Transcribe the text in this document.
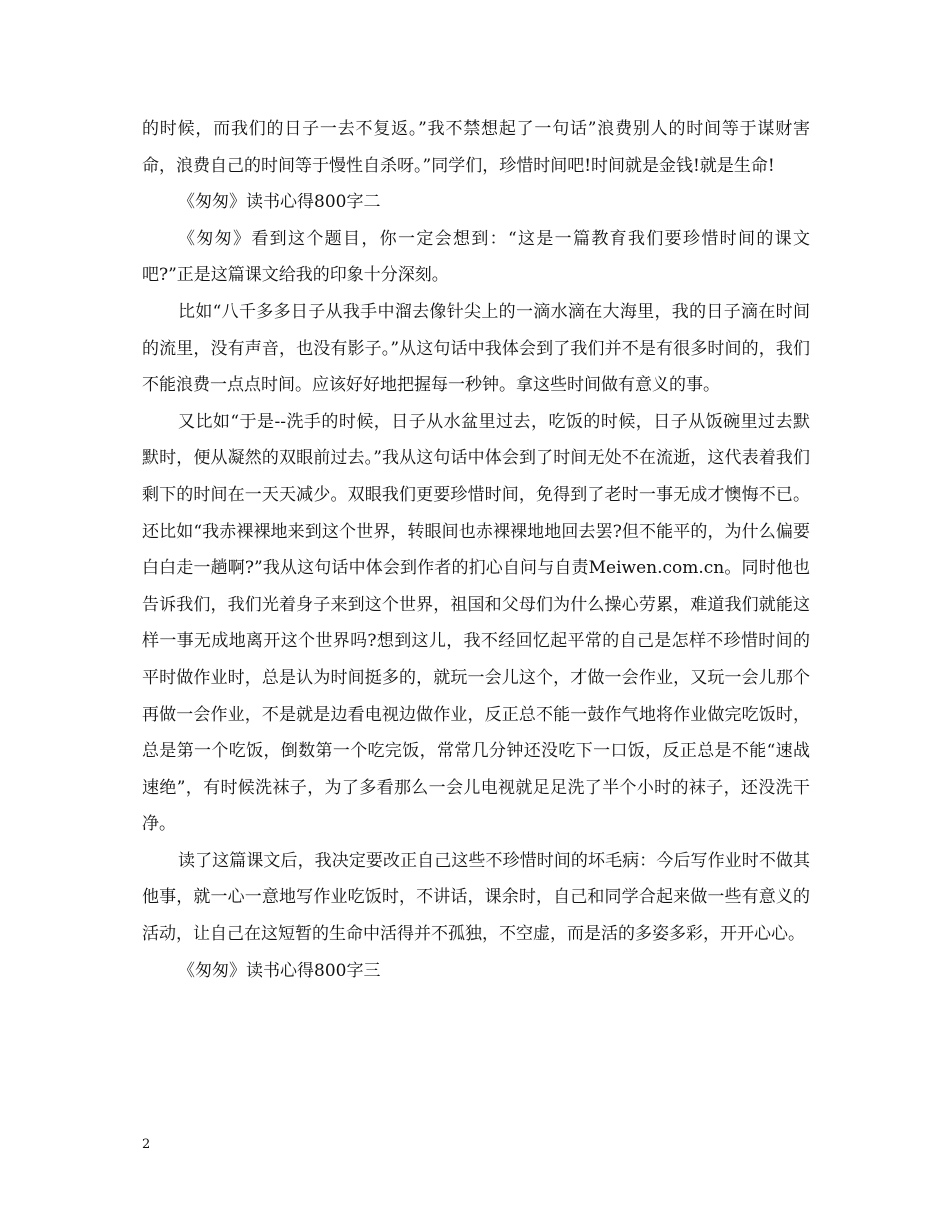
的时候，而我们的日子一去不复返。”我不禁想起了一句话”浪费别人的时间等于谋财害命，浪费自己的时间等于慢性自杀呀。”同学们，珍惜时间吧!时间就是金钱!就是生命!

《匆匆》读书心得800字二

《匆匆》看到这个题目，你一定会想到：“这是一篇教育我们要珍惜时间的课文吧?”正是这篇课文给我的印象十分深刻。

比如“八千多多日子从我手中溜去像针尖上的一滴水滴在大海里，我的日子滴在时间的流里，没有声音，也没有影子。”从这句话中我体会到了我们并不是有很多时间的，我们不能浪费一点点时间。应该好好地把握每一秒钟。拿这些时间做有意义的事。

又比如“于是--洗手的时候，日子从水盆里过去，吃饭的时候，日子从饭碗里过去默默时，便从凝然的双眼前过去。”我从这句话中体会到了时间无处不在流逝，这代表着我们剩下的时间在一天天减少。双眼我们更要珍惜时间，免得到了老时一事无成才懊悔不已。还比如“我赤裸裸地来到这个世界，转眼间也赤裸裸地地回去罢?但不能平的，为什么偏要白白走一趟啊?”我从这句话中体会到作者的扪心自问与自责Meiwen.com.cn。同时他也告诉我们，我们光着身子来到这个世界，祖国和父母们为什么操心劳累，难道我们就能这样一事无成地离开这个世界吗?想到这儿，我不经回忆起平常的自己是怎样不珍惜时间的平时做作业时，总是认为时间挺多的，就玩一会儿这个，才做一会作业，又玩一会儿那个再做一会作业，不是就是边看电视边做作业，反正总不能一鼓作气地将作业做完吃饭时，总是第一个吃饭，倒数第一个吃完饭，常常几分钟还没吃下一口饭，反正总是不能“速战速绝”，有时候洗袜子，为了多看那么一会儿电视就足足洗了半个小时的袜子，还没洗干净。

读了这篇课文后，我决定要改正自己这些不珍惜时间的坏毛病：今后写作业时不做其他事，就一心一意地写作业吃饭时，不讲话，课余时，自己和同学合起来做一些有意义的活动，让自己在这短暂的生命中活得并不孤独，不空虚，而是活的多姿多彩，开开心心。

《匆匆》读书心得800字三

2
